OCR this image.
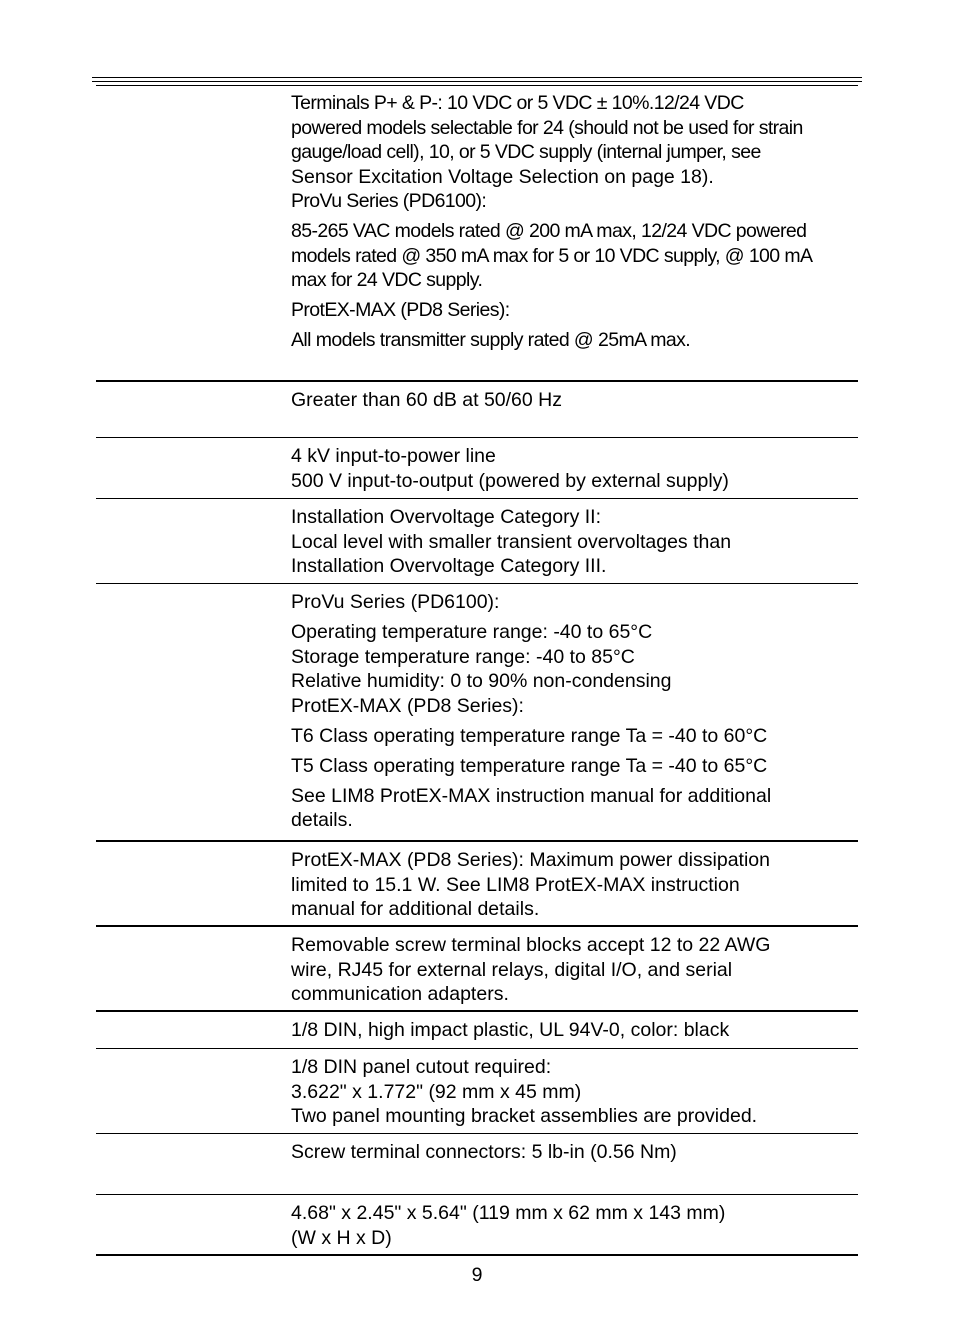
Terminals P+ & P-: 10 VDC or 5 VDC ± 10%.12/24 VDC
powered models selectable for 24 (should not be used for strain
gauge/load cell), 10, or 5 VDC supply (internal jumper, see
Sensor Excitation Voltage Selection on page 18).
ProVu Series (PD6100):
85-265 VAC models rated @ 200 mA max, 12/24 VDC powered
models rated @ 350 mA max for 5 or 10 VDC supply, @ 100 mA
max for 24 VDC supply.
ProtEX-MAX (PD8 Series):
All models transmitter supply rated @ 25mA max.
Greater than 60 dB at 50/60 Hz
4 kV input-to-power line
500 V input-to-output (powered by external supply)
Installation Overvoltage Category II:
Local level with smaller transient overvoltages than
Installation Overvoltage Category III.
ProVu Series (PD6100):
Operating temperature range: -40 to 65°C
Storage temperature range: -40 to 85°C
Relative humidity: 0 to 90% non-condensing
ProtEX-MAX (PD8 Series):
T6 Class operating temperature range Ta = -40 to 60°C
T5 Class operating temperature range Ta = -40 to 65°C
See LIM8 ProtEX-MAX instruction manual for additional
details.
ProtEX-MAX (PD8 Series): Maximum power dissipation
limited to 15.1 W. See LIM8 ProtEX-MAX instruction
manual for additional details.
Removable screw terminal blocks accept 12 to 22 AWG
wire, RJ45 for external relays, digital I/O, and serial
communication adapters.
1/8 DIN, high impact plastic, UL 94V-0, color: black
1/8 DIN panel cutout required:
3.622" x 1.772" (92 mm x 45 mm)
Two panel mounting bracket assemblies are provided.
Screw terminal connectors: 5 lb-in (0.56 Nm)
4.68" x 2.45" x 5.64" (119 mm x 62 mm x 143 mm)
(W x H x D)
9
